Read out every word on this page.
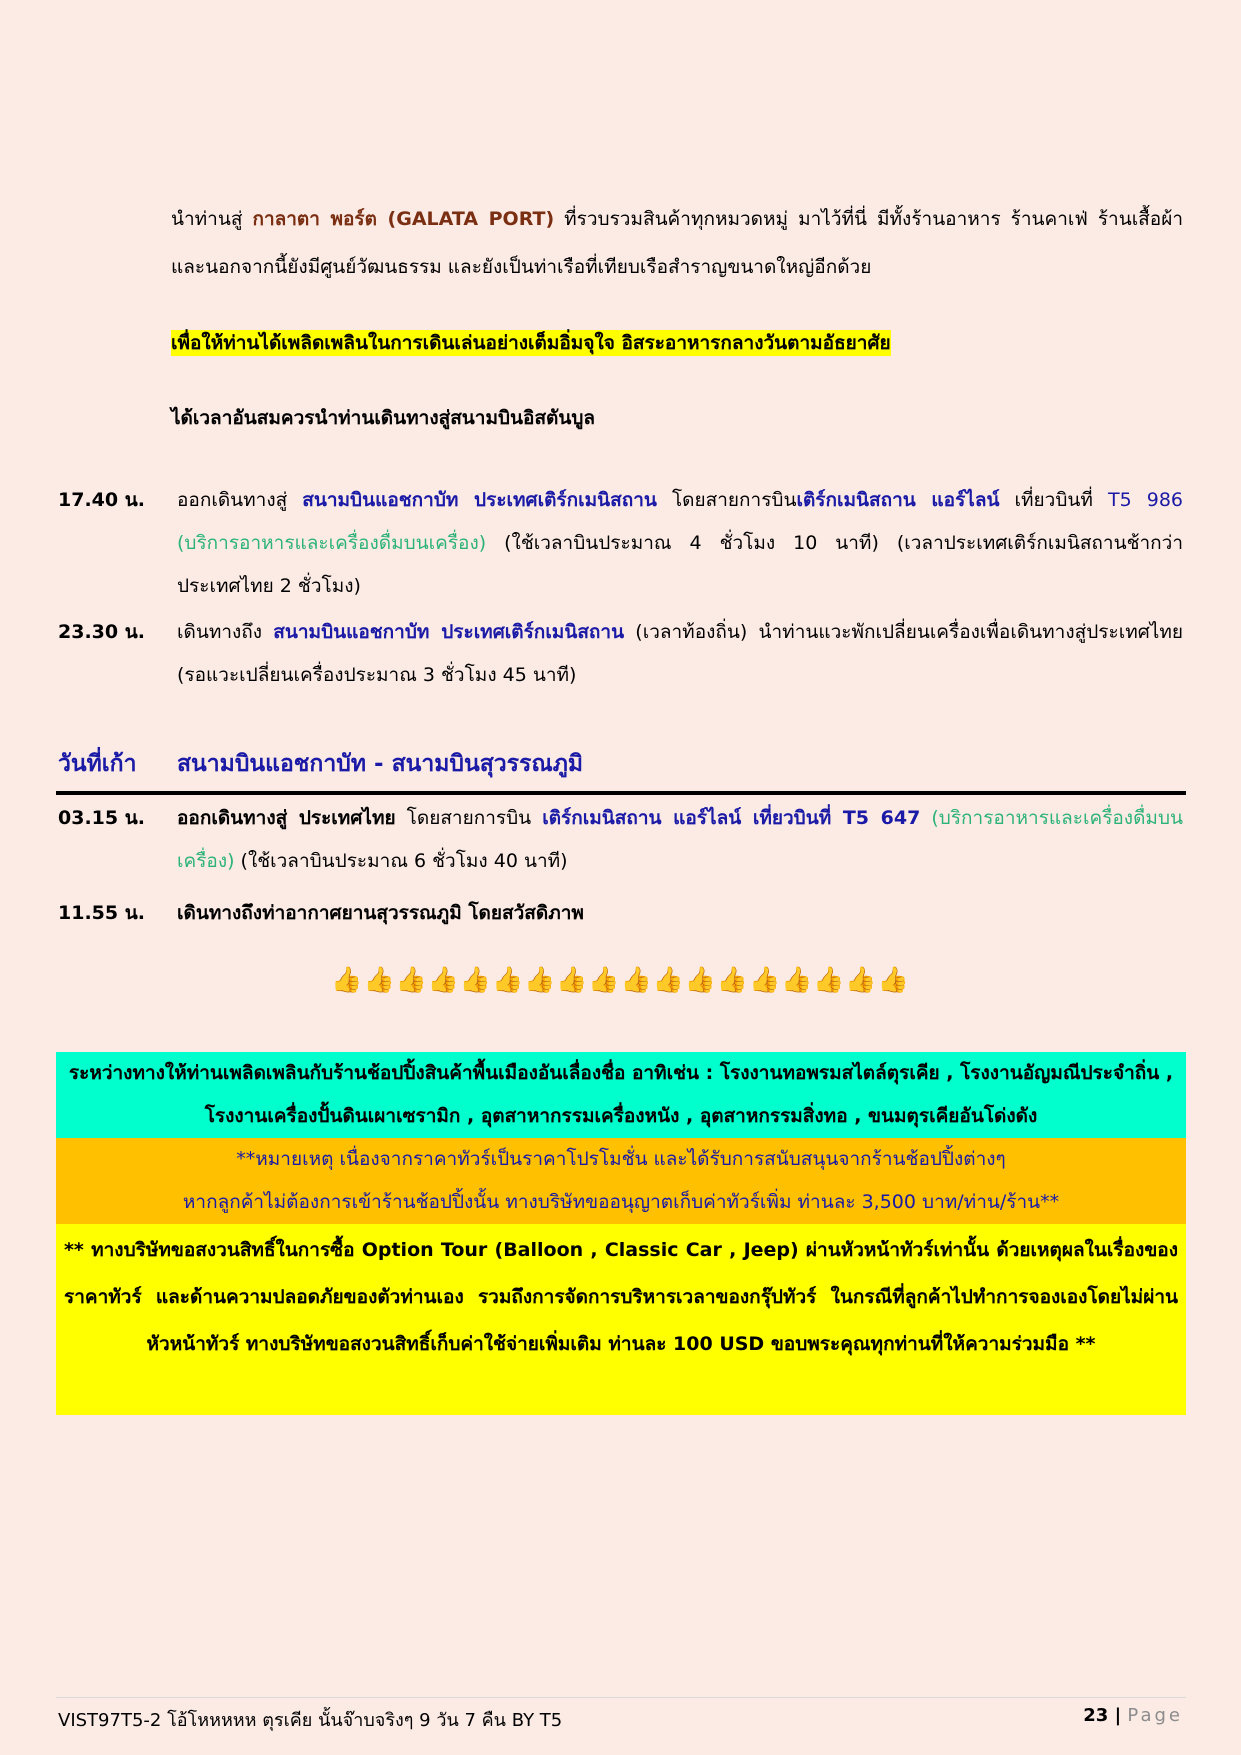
นำท่านสู่ กาลาตา พอร์ต (GALATA PORT) ที่รวบรวมสินค้าทุกหมวดหมู่ มาไว้ที่นี่ มีทั้งร้านอาหาร ร้านคาเฟ่ ร้านเสื้อผ้า และนอกจากนี้ยังมีศูนย์วัฒนธรรม และยังเป็นท่าเรือที่เทียบเรือสำราญขนาดใหญ่อีกด้วย

เพื่อให้ท่านได้เพลิดเพลินในการเดินเล่นอย่างเต็มอิ่มจุใจ อิสระอาหารกลางวันตามอัธยาศัย

ได้เวลาอันสมควรนำท่านเดินทางสู่สนามบินอิสตันบูล

17.40 น. ออกเดินทางสู่ สนามบินแอชกาบัท ประเทศเติร์กเมนิสถาน โดยสายการบินเติร์กเมนิสถาน แอร์ไลน์ เที่ยวบินที่ T5 986 (บริการอาหารและเครื่องดื่มบนเครื่อง) (ใช้เวลาบินประมาณ 4 ชั่วโมง 10 นาที) (เวลาประเทศเติร์กเมนิสถานช้ากว่าประเทศไทย 2 ชั่วโมง)

23.30 น. เดินทางถึง สนามบินแอชกาบัท ประเทศเติร์กเมนิสถาน (เวลาท้องถิ่น) นำท่านแวะพักเปลี่ยนเครื่องเพื่อเดินทางสู่ประเทศไทย (รอแวะเปลี่ยนเครื่องประมาณ 3 ชั่วโมง 45 นาที)

วันที่เก้า สนามบินแอชกาบัท - สนามบินสุวรรณภูมิ
03.15 น. ออกเดินทางสู่ ประเทศไทย โดยสายการบิน เติร์กเมนิสถาน แอร์ไลน์ เที่ยวบินที่ T5 647 (บริการอาหารและเครื่องดื่มบนเครื่อง) (ใช้เวลาบินประมาณ 6 ชั่วโมง 40 นาที)

11.55 น. เดินทางถึงท่าอากาศยานสุวรรณภูมิ โดยสวัสดิภาพ

👍👍👍👍👍👍👍👍👍👍👍👍👍👍👍👍👍👍

ระหว่างทางให้ท่านเพลิดเพลินกับร้านช้อปปิ้งสินค้าพื้นเมืองอันเลื่องชื่อ อาทิเช่น : โรงงานทอพรมสไตล์ตุรเคีย , โรงงานอัญมณีประจำถิ่น , โรงงานเครื่องปั้นดินเผาเซรามิก , อุตสาหากรรมเครื่องหนัง , อุตสาหกรรมสิ่งทอ , ขนมตุรเคียอันโด่งดัง

**หมายเหตุ เนื่องจากราคาทัวร์เป็นราคาโปรโมชั่น และได้รับการสนับสนุนจากร้านช้อปปิ้งต่างๆ

หากลูกค้าไม่ต้องการเข้าร้านช้อปปิ้งนั้น ทางบริษัทขออนุญาตเก็บค่าทัวร์เพิ่ม ท่านละ 3,500 บาท/ท่าน/ร้าน**

** ทางบริษัทขอสงวนสิทธิ์ในการซื้อ Option Tour (Balloon , Classic Car , Jeep) ผ่านหัวหน้าทัวร์เท่านั้น ด้วยเหตุผลในเรื่องของราคาทัวร์ และด้านความปลอดภัยของตัวท่านเอง รวมถึงการจัดการบริหารเวลาของกรุ๊ปทัวร์ ในกรณีที่ลูกค้าไปทำการจองเองโดยไม่ผ่านหัวหน้าทัวร์ ทางบริษัทขอสงวนสิทธิ์เก็บค่าใช้จ่ายเพิ่มเติม ท่านละ 100 USD ขอบพระคุณทุกท่านที่ให้ความร่วมมือ **

VIST97T5-2 โอ้โหหหหห ตุรเคีย นั้นจ๊าบจริงๆ 9 วัน 7 คืน BY T5	23 | Page
